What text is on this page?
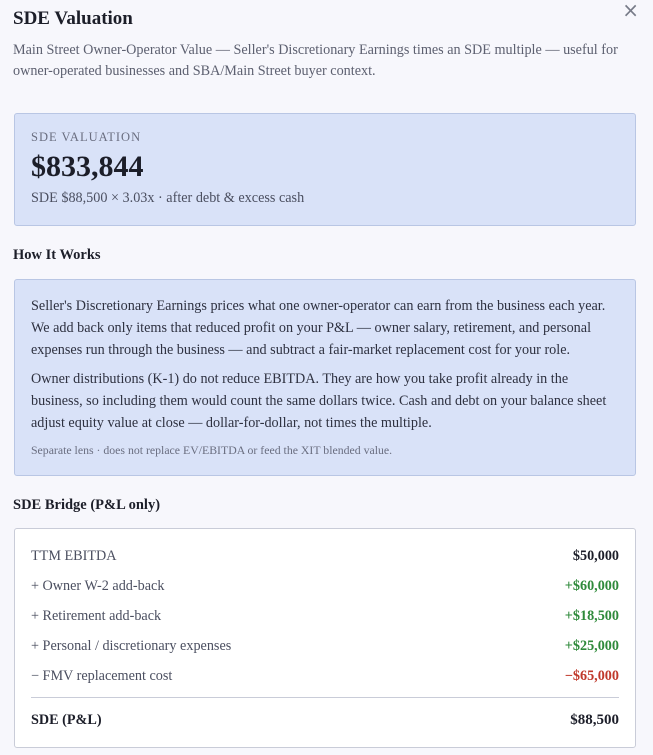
×
SDE Valuation
Main Street Owner-Operator Value — Seller's Discretionary Earnings times an SDE multiple — useful for owner-operated businesses and SBA/Main Street buyer context.
SDE VALUATION
$833,844
SDE $88,500 × 3.03x · after debt & excess cash
How It Works

Seller's Discretionary Earnings prices what one owner-operator can earn from the business each year. We add back only items that reduced profit on your P&L — owner salary, retirement, and personal expenses run through the business — and subtract a fair-market replacement cost for your role.

Owner distributions (K-1) do not reduce EBITDA. They are how you take profit already in the business, so including them would count the same dollars twice. Cash and debt on your balance sheet adjust equity value at close — dollar-for-dollar, not times the multiple.

Separate lens · does not replace EV/EBITDA or feed the XIT blended value.
SDE Bridge (P&L only)
TTM EBITDA	$50,000
+ Owner W-2 add-back	+$60,000
+ Retirement add-back	+$18,500
+ Personal / discretionary expenses	+$25,000
− FMV replacement cost	−$65,000
SDE (P&L)	$88,500
